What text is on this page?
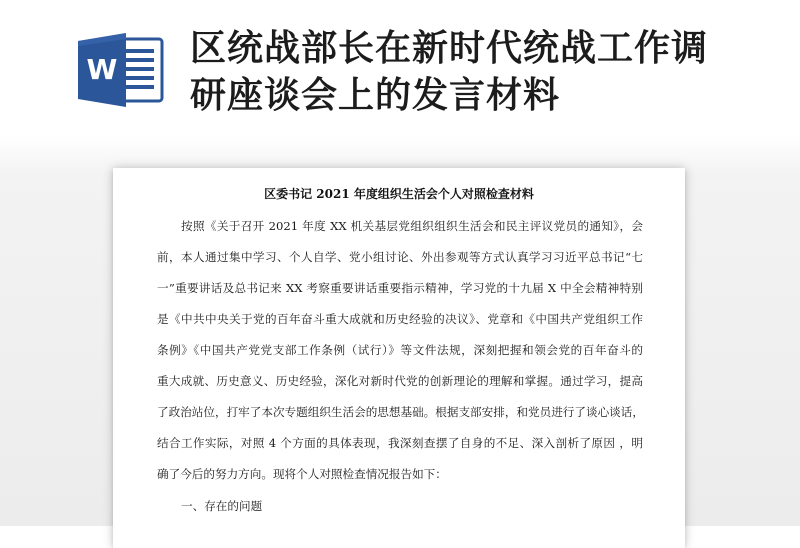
W
区统战部长在新时代统战工作调
研座谈会上的发言材料

区委书记 2021 年度组织生活会个人对照检查材料

按照《关于召开 2021 年度 XX 机关基层党组织组织生活会和民主评议党员的通知》，会

前，本人通过集中学习、个人自学、党小组讨论、外出参观等方式认真学习习近平总书记“七

一”重要讲话及总书记来 XX 考察重要讲话重要指示精神，学习党的十九届 X 中全会精神特别

是《中共中央关于党的百年奋斗重大成就和历史经验的决议》、党章和《中国共产党组织工作

条例》《中国共产党党支部工作条例（试行）》等文件法规，深刻把握和领会党的百年奋斗的

重大成就、历史意义、历史经验，深化对新时代党的创新理论的理解和掌握。通过学习，提高

了政治站位，打牢了本次专题组织生活会的思想基础。根据支部安排，和党员进行了谈心谈话，

结合工作实际，对照 4 个方面的具体表现，我深刻查摆了自身的不足、深入剖析了原因 ，明

确了今后的努力方向。现将个人对照检查情况报告如下：

一、存在的问题
